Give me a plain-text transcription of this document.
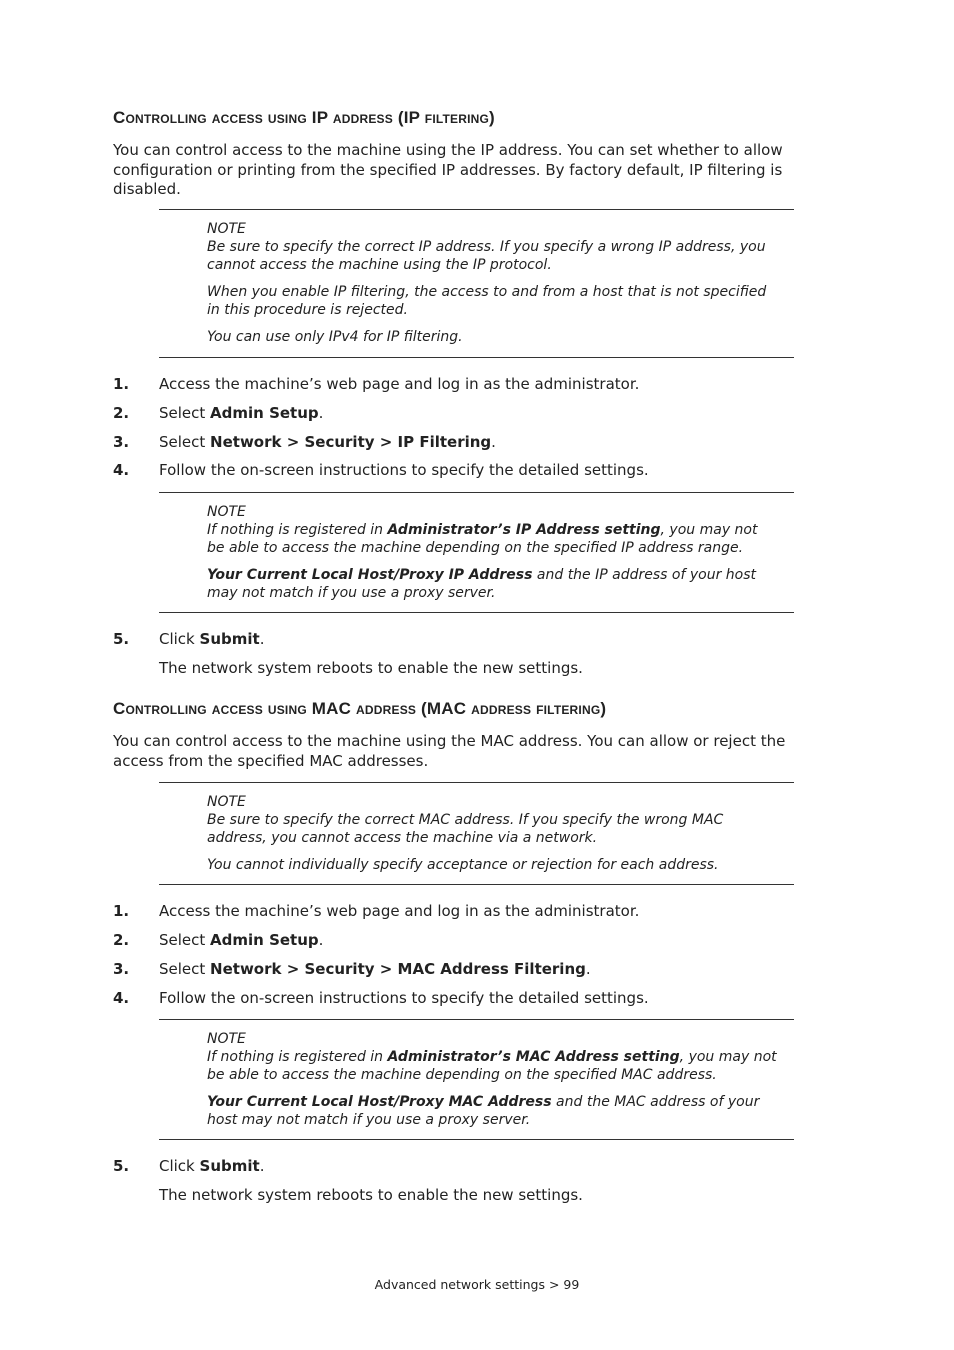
Controlling access using IP address (IP filtering)

You can control access to the machine using the IP address. You can set whether to allow configuration or printing from the specified IP addresses. By factory default, IP filtering is disabled.

NOTE

Be sure to specify the correct IP address. If you specify a wrong IP address, you cannot access the machine using the IP protocol.

When you enable IP filtering, the access to and from a host that is not specified in this procedure is rejected.

You can use only IPv4 for IP filtering.

1. Access the machine’s web page and log in as the administrator.
2. Select Admin Setup.
3. Select Network > Security > IP Filtering.
4. Follow the on-screen instructions to specify the detailed settings.
NOTE

If nothing is registered in Administrator’s IP Address setting, you may not be able to access the machine depending on the specified IP address range.

Your Current Local Host/Proxy IP Address and the IP address of your host may not match if you use a proxy server.

5. Click Submit.
The network system reboots to enable the new settings.
Controlling access using MAC address (MAC address filtering)

You can control access to the machine using the MAC address. You can allow or reject the access from the specified MAC addresses.

NOTE

Be sure to specify the correct MAC address. If you specify the wrong MAC address, you cannot access the machine via a network.

You cannot individually specify acceptance or rejection for each address.

1. Access the machine’s web page and log in as the administrator.
2. Select Admin Setup.
3. Select Network > Security > MAC Address Filtering.
4. Follow the on-screen instructions to specify the detailed settings.
NOTE

If nothing is registered in Administrator’s MAC Address setting, you may not be able to access the machine depending on the specified MAC address.

Your Current Local Host/Proxy MAC Address and the MAC address of your host may not match if you use a proxy server.

5. Click Submit.
The network system reboots to enable the new settings.
Advanced network settings > 99
